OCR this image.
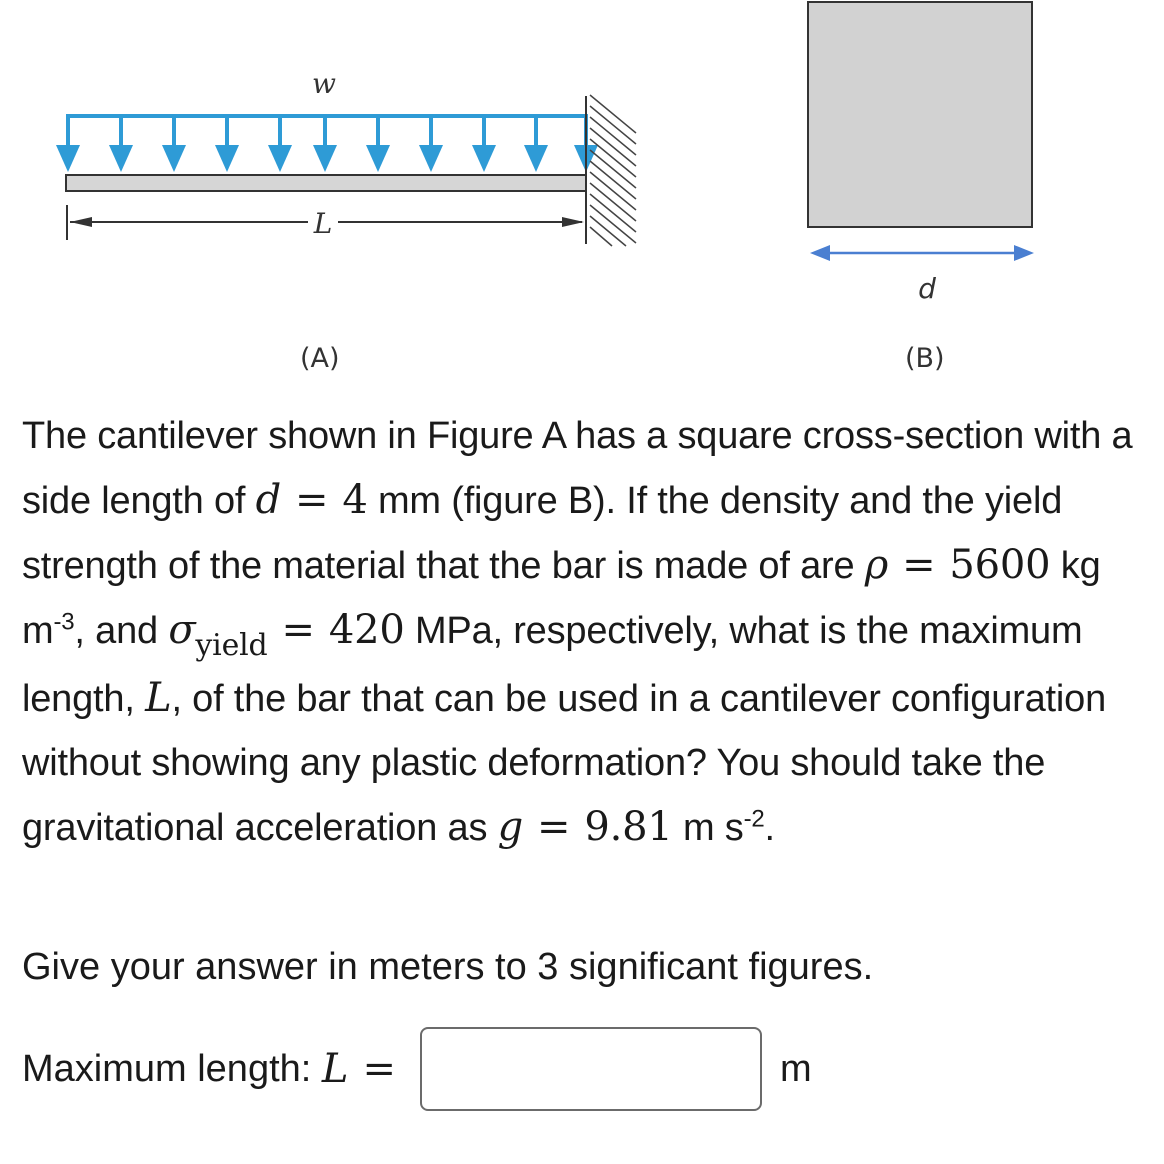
w
L
d
(A)	(B)

The cantilever shown in Figure A has a square cross-section with a side length of d = 4 mm (figure B). If the density and the yield strength of the material that the bar is made of are ρ = 5600 kg $m^{-3}$, and $\sigma_{yield} = 420$ MPa, respectively, what is the maximum length, L, of the bar that can be used in a cantilever configuration without showing any plastic deformation? You should take the gravitational acceleration as g = 9.81 m $s^{-2}$.

Give your answer in meters to 3 significant figures.
Maximum length:
L =	m
